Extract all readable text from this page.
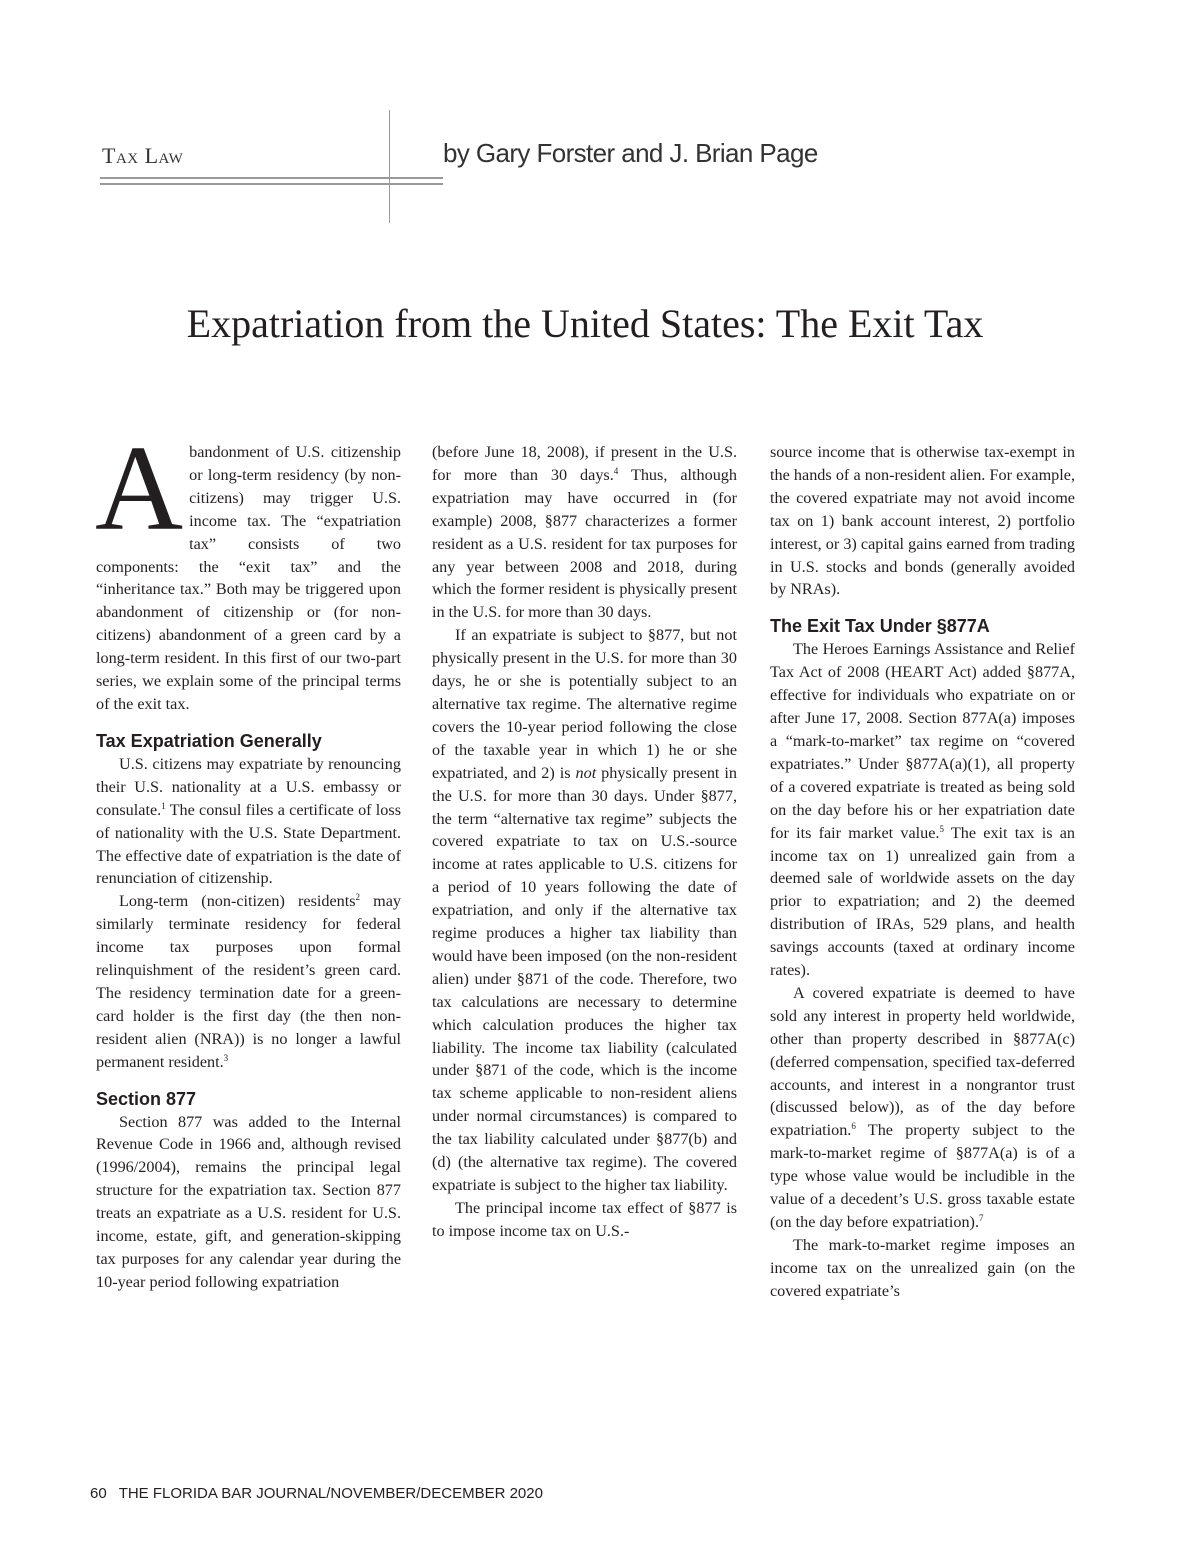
Tax Law	by Gary Forster and J. Brian Page
Expatriation from the United States: The Exit Tax

Abandonment of U.S. citizenship or long-term residency (by non-citizens) may trigger U.S. income tax. The “expatriation tax” consists of two components: the “exit tax” and the “inheritance tax.” Both may be triggered upon abandonment of citizenship or (for non-citizens) abandonment of a green card by a long-term resident. In this first of our two-part series, we explain some of the principal terms of the exit tax.

Tax Expatriation Generally

U.S. citizens may expatriate by renouncing their U.S. nationality at a U.S. embassy or consulate.$^1$ The consul files a certificate of loss of nationality with the U.S. State Department. The effective date of expatriation is the date of renunciation of citizenship.

Long-term (non-citizen) residents$^2$ may similarly terminate residency for federal income tax purposes upon formal relinquishment of the resident’s green card. The residency termination date for a green-card holder is the first day (the then non-resident alien (NRA)) is no longer a lawful permanent resident.$^3$

Section 877

Section 877 was added to the Internal Revenue Code in 1966 and, although revised (1996/2004), remains the principal legal structure for the expatriation tax. Section 877 treats an expatriate as a U.S. resident for U.S. income, estate, gift, and generation-skipping tax purposes for any calendar year during the 10-year period following expatriation

(before June 18, 2008), if present in the U.S. for more than 30 days.$^4$ Thus, although expatriation may have occurred in (for example) 2008, §877 characterizes a former resident as a U.S. resident for tax purposes for any year between 2008 and 2018, during which the former resident is physically present in the U.S. for more than 30 days.

If an expatriate is subject to §877, but not physically present in the U.S. for more than 30 days, he or she is potentially subject to an alternative tax regime. The alternative regime covers the 10-year period following the close of the taxable year in which 1) he or she expatriated, and 2) is not physically present in the U.S. for more than 30 days. Under §877, the term “alternative tax regime” subjects the covered expatriate to tax on U.S.-source income at rates applicable to U.S. citizens for a period of 10 years following the date of expatriation, and only if the alternative tax regime produces a higher tax liability than would have been imposed (on the non-resident alien) under §871 of the code. Therefore, two tax calculations are necessary to determine which calculation produces the higher tax liability. The income tax liability (calculated under §871 of the code, which is the income tax scheme applicable to non-resident aliens under normal circumstances) is compared to the tax liability calculated under §877(b) and (d) (the alternative tax regime). The covered expatriate is subject to the higher tax liability.

The principal income tax effect of §877 is to impose income tax on U.S.-

source income that is otherwise tax-exempt in the hands of a non-resident alien. For example, the covered expatriate may not avoid income tax on 1) bank account interest, 2) portfolio interest, or 3) capital gains earned from trading in U.S. stocks and bonds (generally avoided by NRAs).

The Exit Tax Under §877A

The Heroes Earnings Assistance and Relief Tax Act of 2008 (HEART Act) added §877A, effective for individuals who expatriate on or after June 17, 2008. Section 877A(a) imposes a “mark-to-market” tax regime on “covered expatriates.” Under §877A(a)(1), all property of a covered expatriate is treated as being sold on the day before his or her expatriation date for its fair market value.$^5$ The exit tax is an income tax on 1) unrealized gain from a deemed sale of worldwide assets on the day prior to expatriation; and 2) the deemed distribution of IRAs, 529 plans, and health savings accounts (taxed at ordinary income rates).

A covered expatriate is deemed to have sold any interest in property held worldwide, other than property described in §877A(c) (deferred compensation, specified tax-deferred accounts, and interest in a nongrantor trust (discussed below)), as of the day before expatriation.$^6$ The property subject to the mark-to-market regime of §877A(a) is of a type whose value would be includible in the value of a decedent’s U.S. gross taxable estate (on the day before expatriation).$^7$

The mark-to-market regime imposes an income tax on the unrealized gain (on the covered expatriate’s

60 THE FLORIDA BAR JOURNAL/NOVEMBER/DECEMBER 2020
